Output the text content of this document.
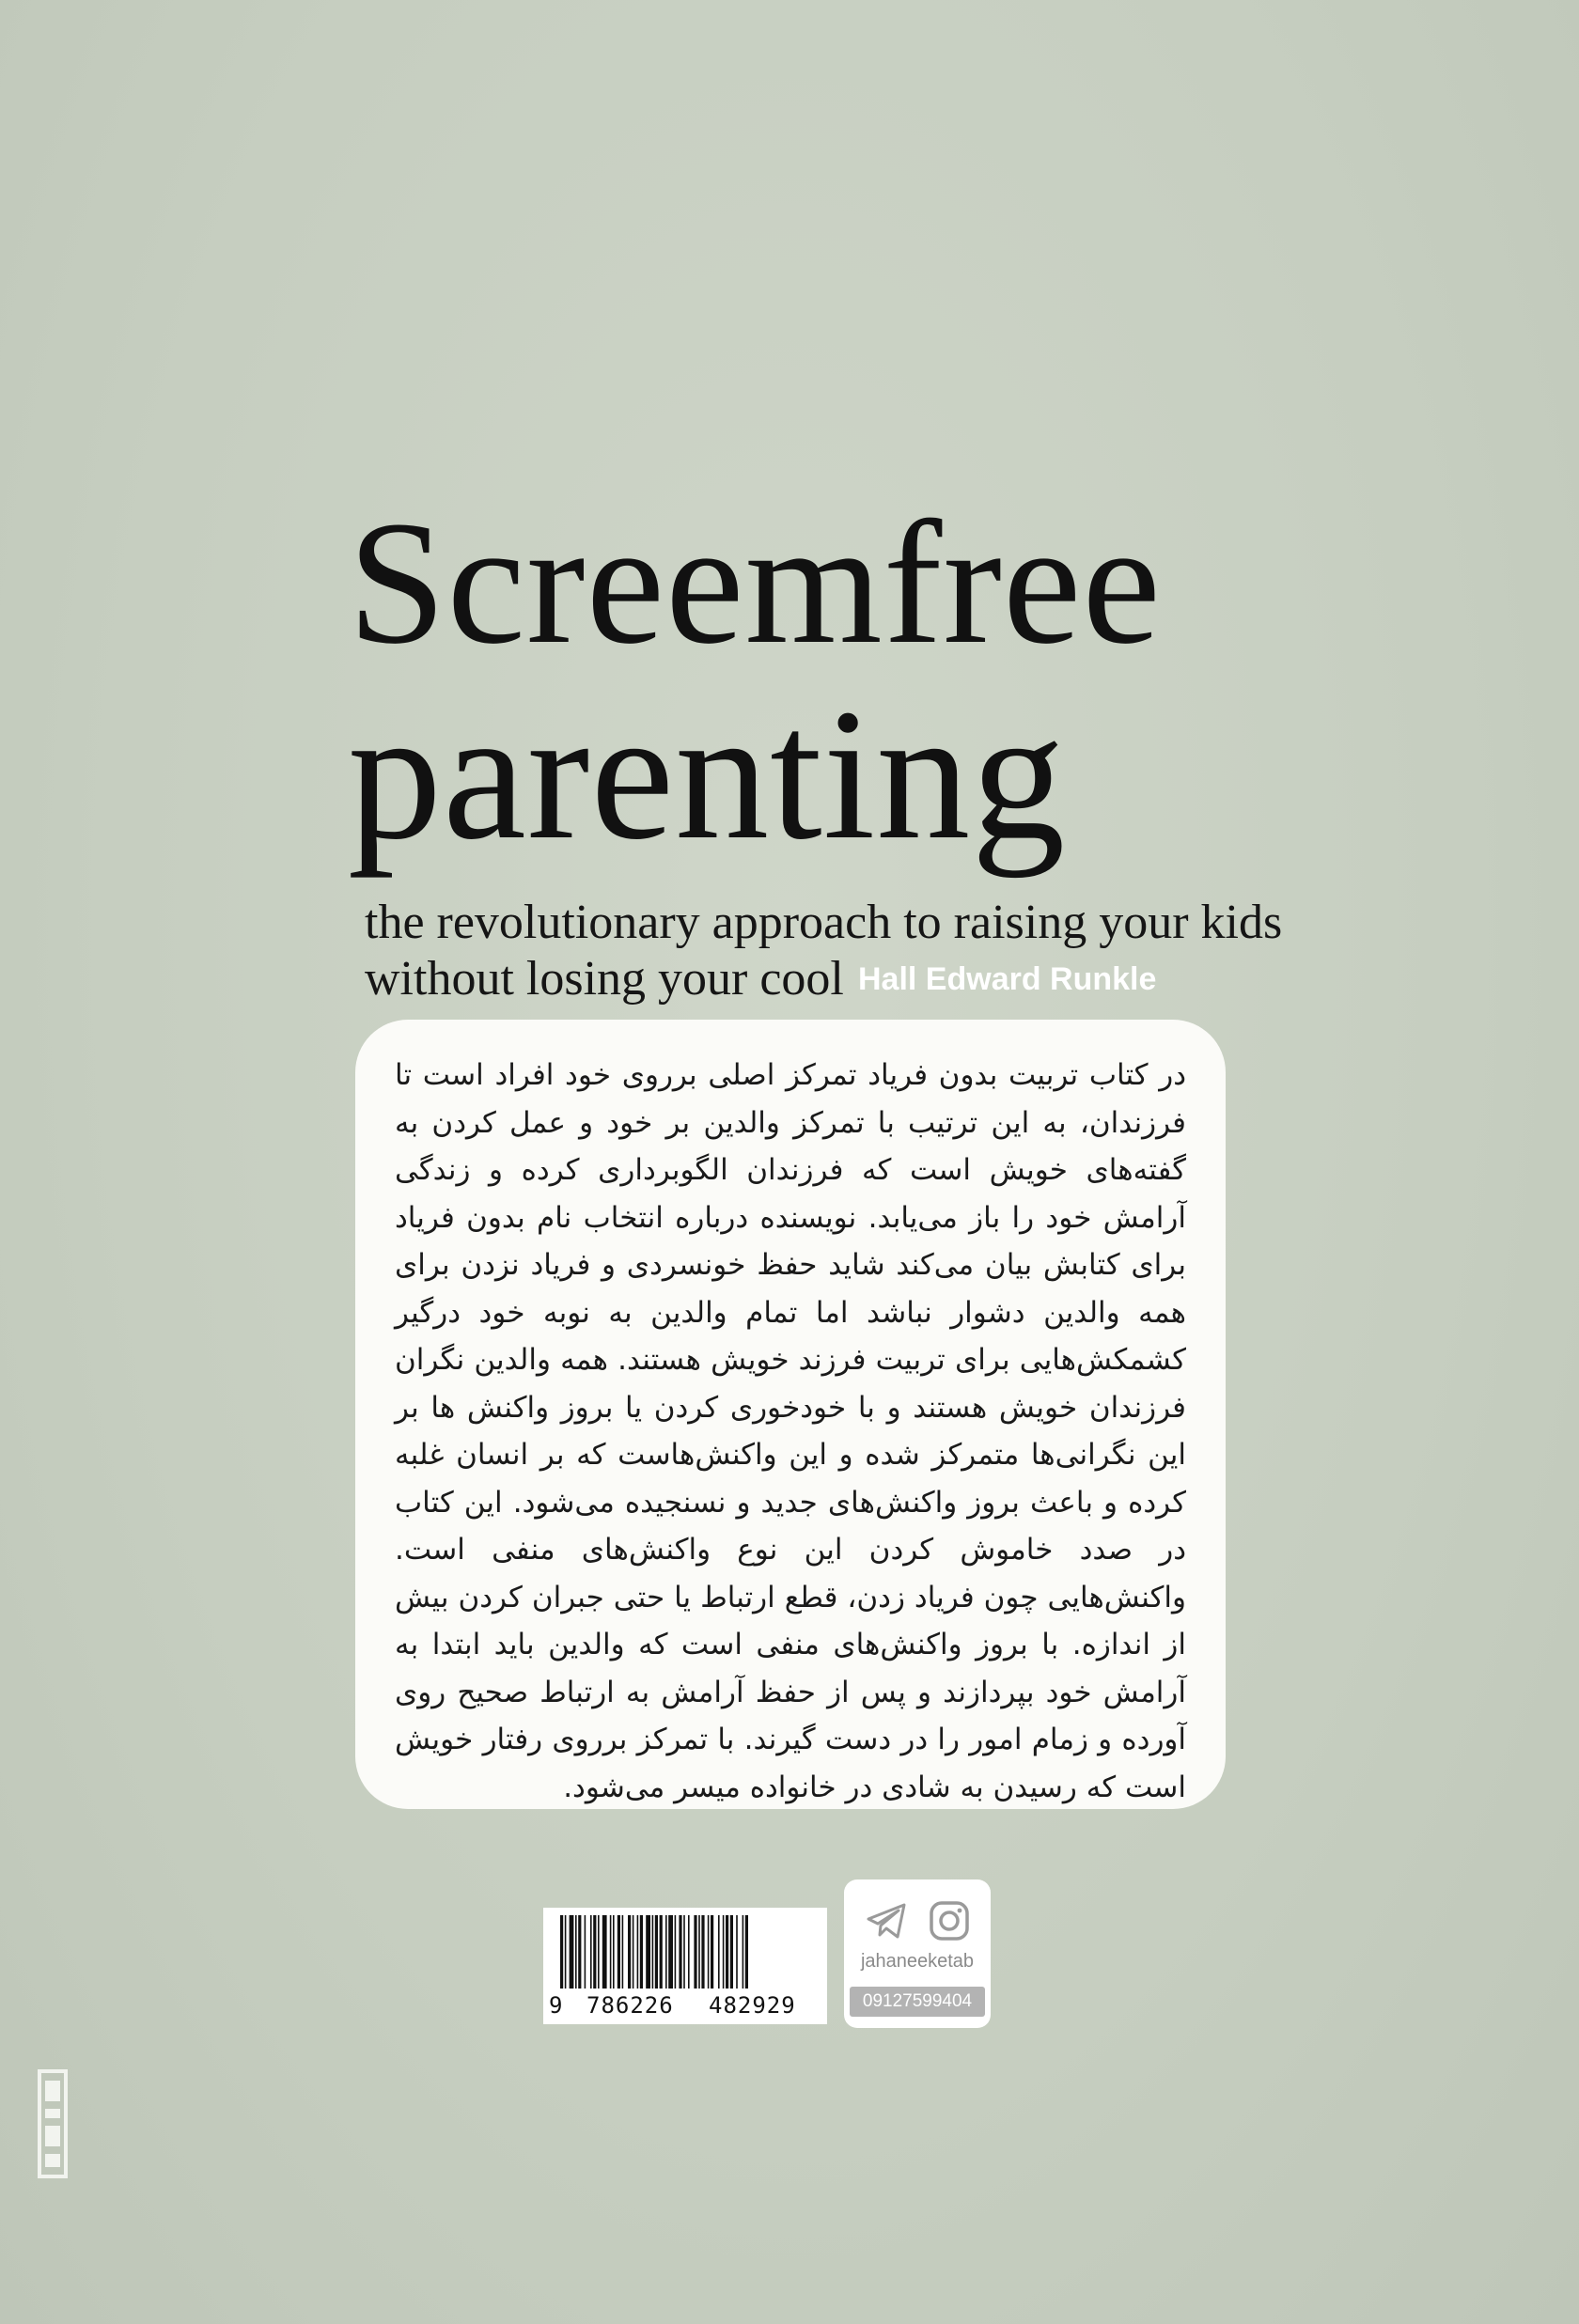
Screemfree
parenting
the revolutionary approach to raising your kids
without losing your cool Hall Edward Runkle

در کتاب تربیت بدون فریاد تمرکز اصلی برروی خود افراد است تا فرزندان، به این ترتیب با تمرکز والدین بر خود و عمل کردن به گفته‌های خویش است که فرزندان الگوبرداری کرده و زندگی آرامش خود را باز می‌یابد. نویسنده درباره انتخاب نام بدون فریاد برای کتابش بیان می‌کند شاید حفظ خونسردی و فریاد نزدن برای همه والدین دشوار نباشد اما تمام والدین به نوبه خود درگیر کشمکش‌هایی برای تربیت فرزند خویش هستند. همه والدین نگران فرزندان خویش هستند و با خودخوری کردن یا بروز واکنش ها بر این نگرانی‌ها متمرکز شده و این واکنش‌هاست که بر انسان غلبه کرده و باعث بروز واکنش‌های جدید و نسنجیده می‌شود. این کتاب در صدد خاموش کردن این نوع واکنش‌های منفی است. واکنش‌هایی چون فریاد زدن، قطع ارتباط یا حتی جبران کردن بیش از اندازه. با بروز واکنش‌های منفی است که والدین باید ابتدا به آرامش خود بپردازند و پس از حفظ آرامش به ارتباط صحیح روی آورده و زمام امور را در دست گیرند. با تمرکز برروی رفتار خویش است که رسیدن به شادی در خانواده میسر می‌شود.

9 786226 482929
jahaneeketab
09127599404
